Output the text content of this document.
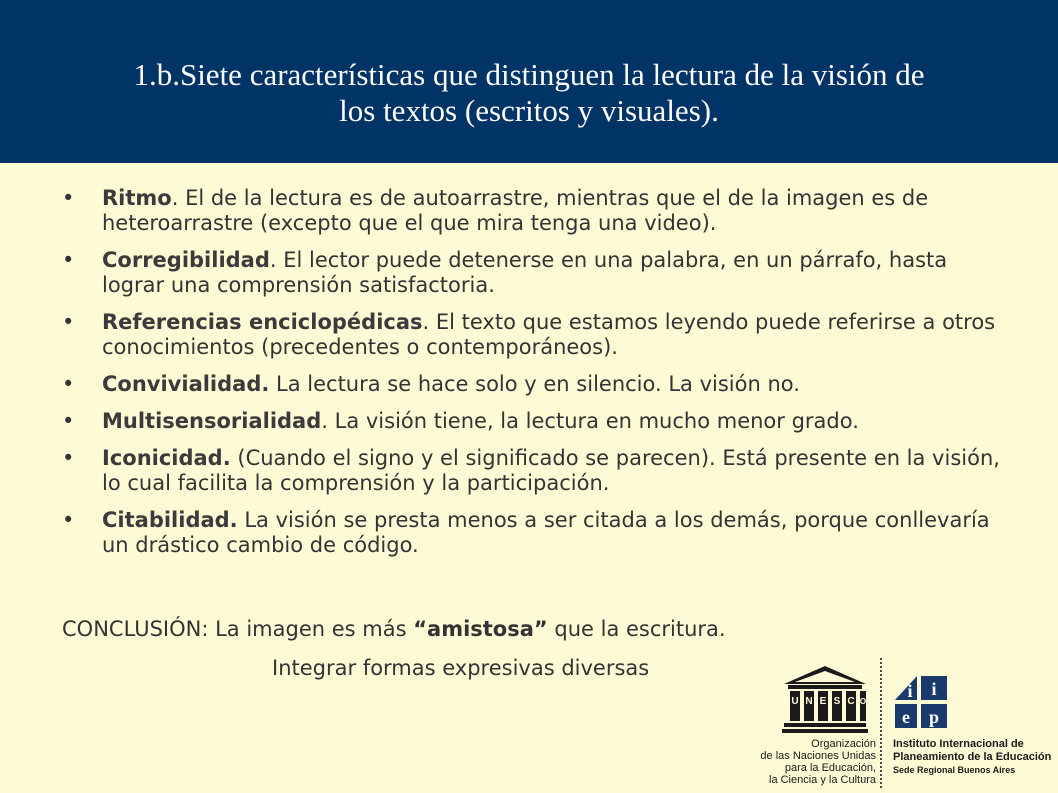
1.b.Siete características que distinguen la lectura de la visión de
los textos (escritos y visuales).
•	Ritmo. El de la lectura es de autoarrastre, mientras que el de la imagen es de heteroarrastre (excepto que el que mira tenga una video).
•	Corregibilidad. El lector puede detenerse en una palabra, en un párrafo, hasta lograr una comprensión satisfactoria.
•	Referencias enciclopédicas. El texto que estamos leyendo puede referirse a otros conocimientos (precedentes o contemporáneos).
•	Convivialidad. La lectura se hace solo y en silencio. La visión no.
•	Multisensorialidad. La visión tiene, la lectura en mucho menor grado.
•	Iconicidad. (Cuando el signo y el significado se parecen). Está presente en la visión, lo cual facilita la comprensión y la participación.
•	Citabilidad. La visión se presta menos a ser citada a los demás, porque conllevaría un drástico cambio de código.
CONCLUSIÓN: La imagen es más “amistosa” que la escritura.
Integrar formas expresivas diversas
U N E S C O
Organización
de las Naciones Unidas
para la Educación,
la Ciencia y la Cultura
i i
e p
Instituto Internacional de
Planeamiento de la Educación
Sede Regional Buenos Aires
